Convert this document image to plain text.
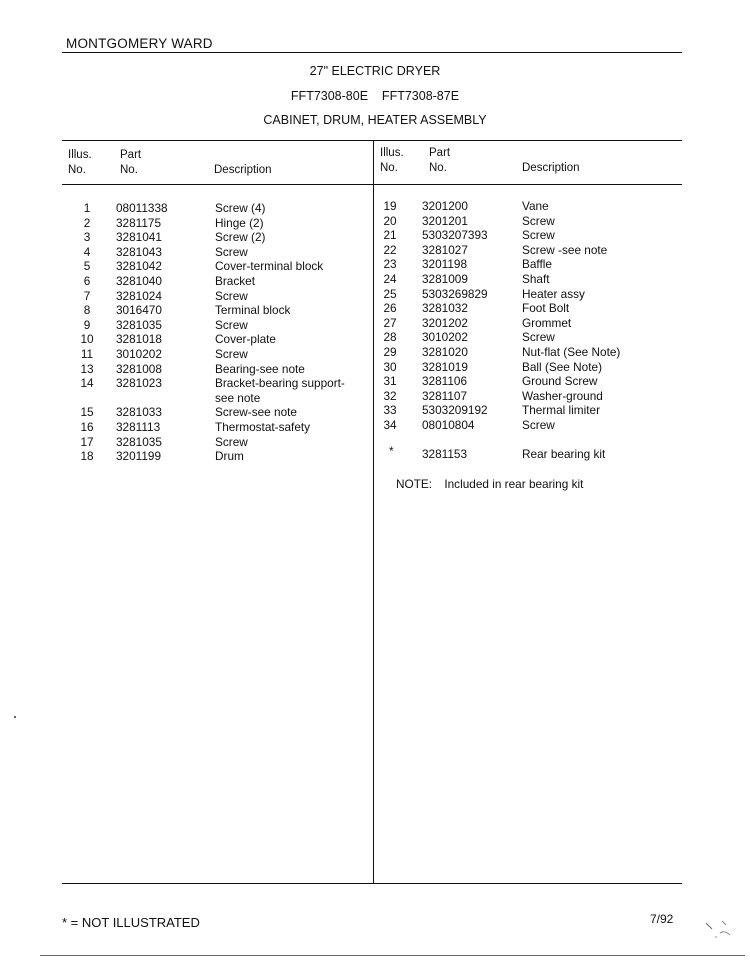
MONTGOMERY WARD
27" ELECTRIC DRYER
FFT7308-80E    FFT7308-87E
CABINET, DRUM, HEATER ASSEMBLY
Illus.
No.
Part
No.	Description
Illus.
No.
Part
No.	Description
1	08011338	Screw (4)
2	3281175	Hinge (2)
3	3281041	Screw (2)
4	3281043	Screw
5	3281042	Cover-terminal block
6	3281040	Bracket
7	3281024	Screw
8	3016470	Terminal block
9	3281035	Screw
10	3281018	Cover-plate
11	3010202	Screw
13	3281008	Bearing-see note
14	3281023	Bracket-bearing support-
see note
15	3281033	Screw-see note
16	3281113	Thermostat-safety
17	3281035	Screw
18	3201199	Drum
19	3201200	Vane
20	3201201	Screw
21	5303207393	Screw
22	3281027	Screw -see note
23	3201198	Baffle
24	3281009	Shaft
25	5303269829	Heater assy
26	3281032	Foot Bolt
27	3201202	Grommet
28	3010202	Screw
29	3281020	Nut-flat (See Note)
30	3281019	Ball (See Note)
31	3281106	Ground Screw
32	3281107	Washer-ground
33	5303209192	Thermal limiter
34	08010804	Screw
* 3281153	Rear bearing kit
NOTE: Included in rear bearing kit
* = NOT ILLUSTRATED	7/92
